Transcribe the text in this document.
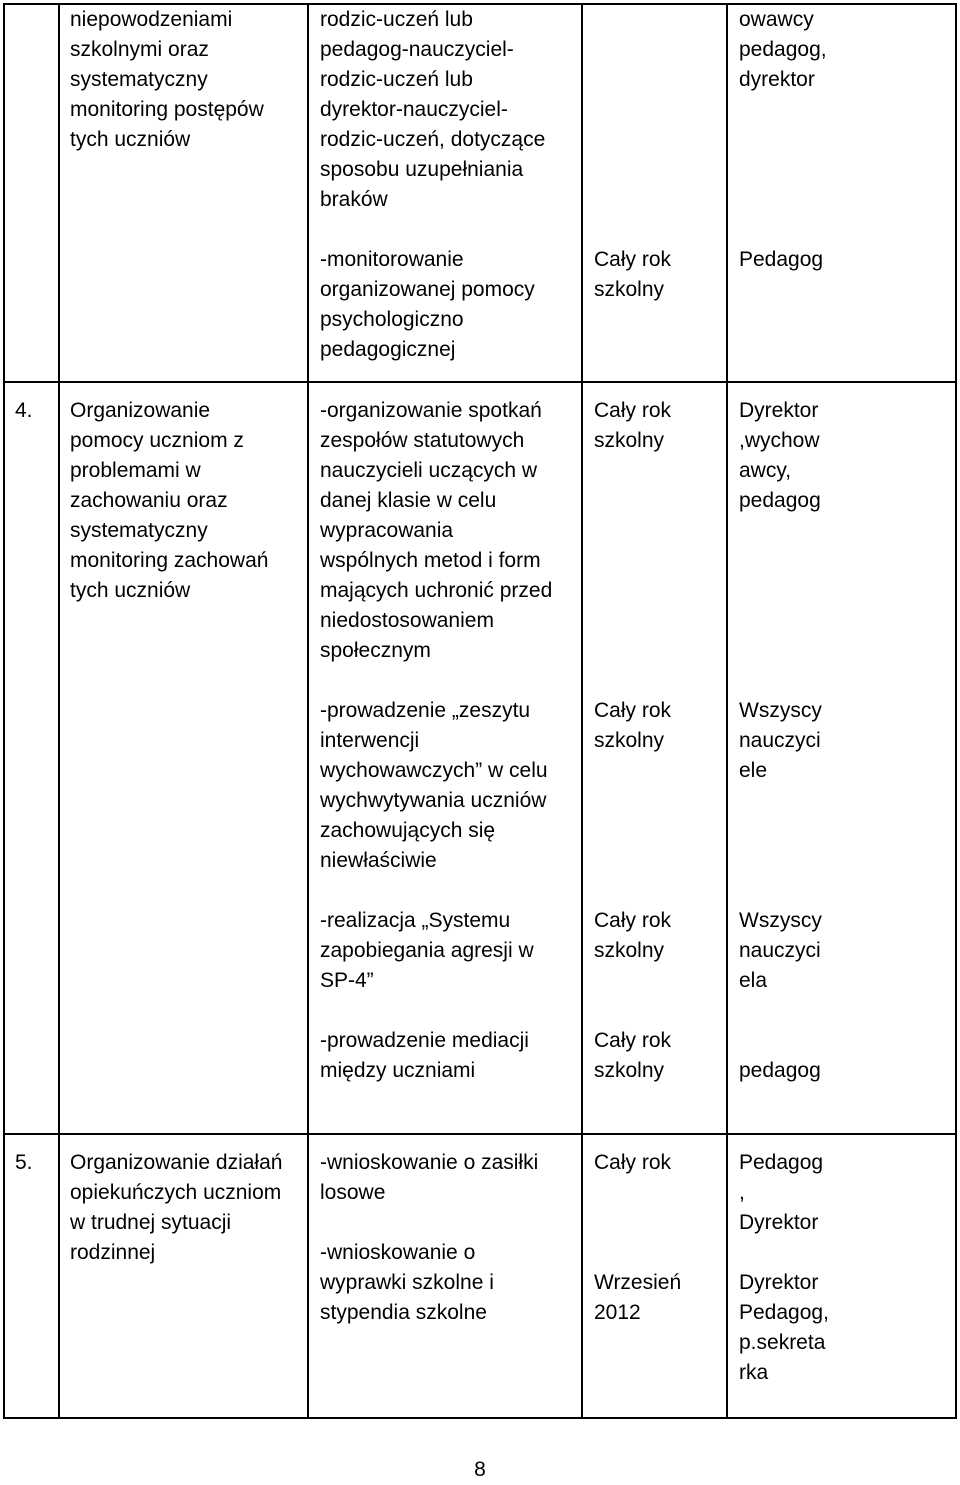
niepowodzeniami
szkolnymi oraz
systematyczny
monitoring postępów
tych uczniów
rodzic-uczeń lub
pedagog-nauczyciel-
rodzic-uczeń lub
dyrektor-nauczyciel-
rodzic-uczeń, dotyczące
sposobu uzupełniania
braków
-monitorowanie
organizowanej pomocy
psychologiczno
pedagogicznej
Cały rok
szkolny
owawcy
pedagog,
dyrektor
Pedagog
4. Organizowanie
pomocy uczniom z
problemami w
zachowaniu oraz
systematyczny
monitoring zachowań
tych uczniów
-organizowanie spotkań
zespołów statutowych
nauczycieli uczących w
danej klasie w celu
wypracowania
wspólnych metod i form
mających uchronić przed
niedostosowaniem
społecznym
-prowadzenie „zeszytu
interwencji
wychowawczych” w celu
wychwytywania uczniów
zachowujących się
niewłaściwie
-realizacja „Systemu
zapobiegania agresji w
SP-4”
-prowadzenie mediacji
między uczniami
Cały rok
szkolny
Cały rok
szkolny
Cały rok
szkolny
Cały rok
szkolny
Dyrektor
,wychow
awcy,
pedagog
Wszyscy
nauczyci
ele
Wszyscy
nauczyci
ela
pedagog
5. Organizowanie działań
opiekuńczych uczniom
w trudnej sytuacji
rodzinnej
-wnioskowanie o zasiłki
losowe
-wnioskowanie o
wyprawki szkolne i
stypendia szkolne
Cały rok
Wrzesień
2012
Pedagog
,
Dyrektor
Dyrektor
Pedagog,
p.sekreta
rka
8
